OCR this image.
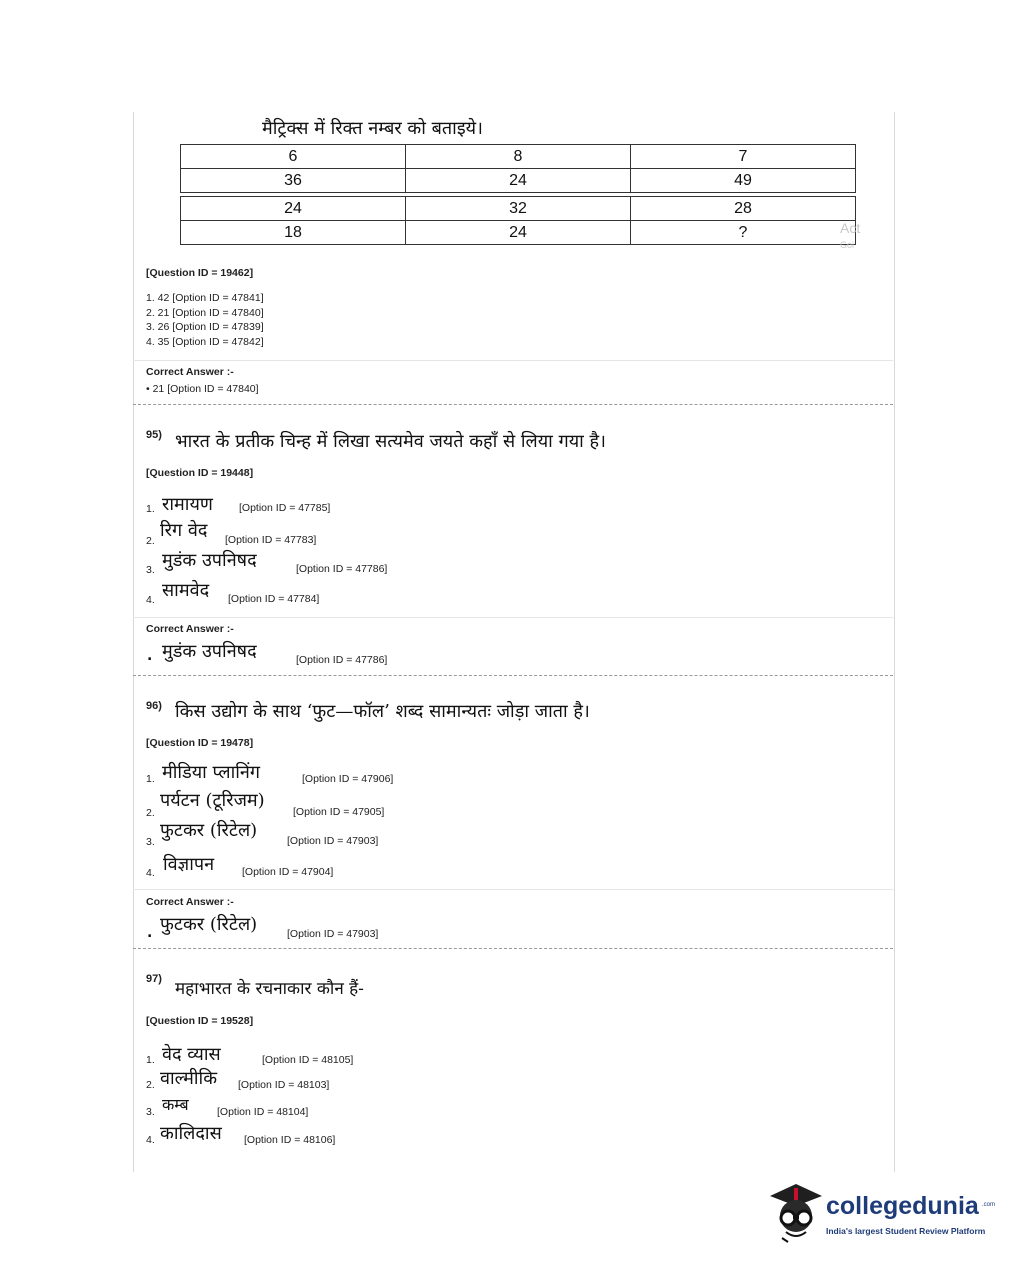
मैट्रिक्स में रिक्त नम्बर को बताइये।
6	8	7
36	24	49
24	32	28
18	24	?	Act
Goi
[Question ID = 19462]
1. 42 [Option ID = 47841]
2. 21 [Option ID = 47840]
3. 26 [Option ID = 47839]
4. 35 [Option ID = 47842]
Correct Answer :-
• 21 [Option ID = 47840]
95) भारत के प्रतीक चिन्ह में लिखा सत्यमेव जयते कहाँ से लिया गया है।
[Question ID = 19448]
1. रामायण [Option ID = 47785]
2. रिग वेद [Option ID = 47783]
3. मुडंक उपनिषद	[Option ID = 47786]
4. सामवेद [Option ID = 47784]
Correct Answer :-
. मुडंक उपनिषद	[Option ID = 47786]
96) किस उद्योग के साथ ‘फुट—फॉल’ शब्द सामान्यतः जोड़ा जाता है।
[Question ID = 19478]
1. मीडिया प्लानिंग	[Option ID = 47906]
2.
पर्यटन (टूरिजम)
[Option ID = 47905]
3.
फुटकर (रिटेल)	[Option ID = 47903]
4. विज्ञापन	[Option ID = 47904]
Correct Answer :-
. फुटकर (रिटेल)	[Option ID = 47903]
97) महाभारत के रचनाकार कौन हैं-
[Question ID = 19528]
1. वेद व्यास	[Option ID = 48105]
2. वाल्मीकि [Option ID = 48103]
3. कम्ब	[Option ID = 48104]
4. कालिदास [Option ID = 48106]
collegedunia .com
India's largest Student Review Platform
